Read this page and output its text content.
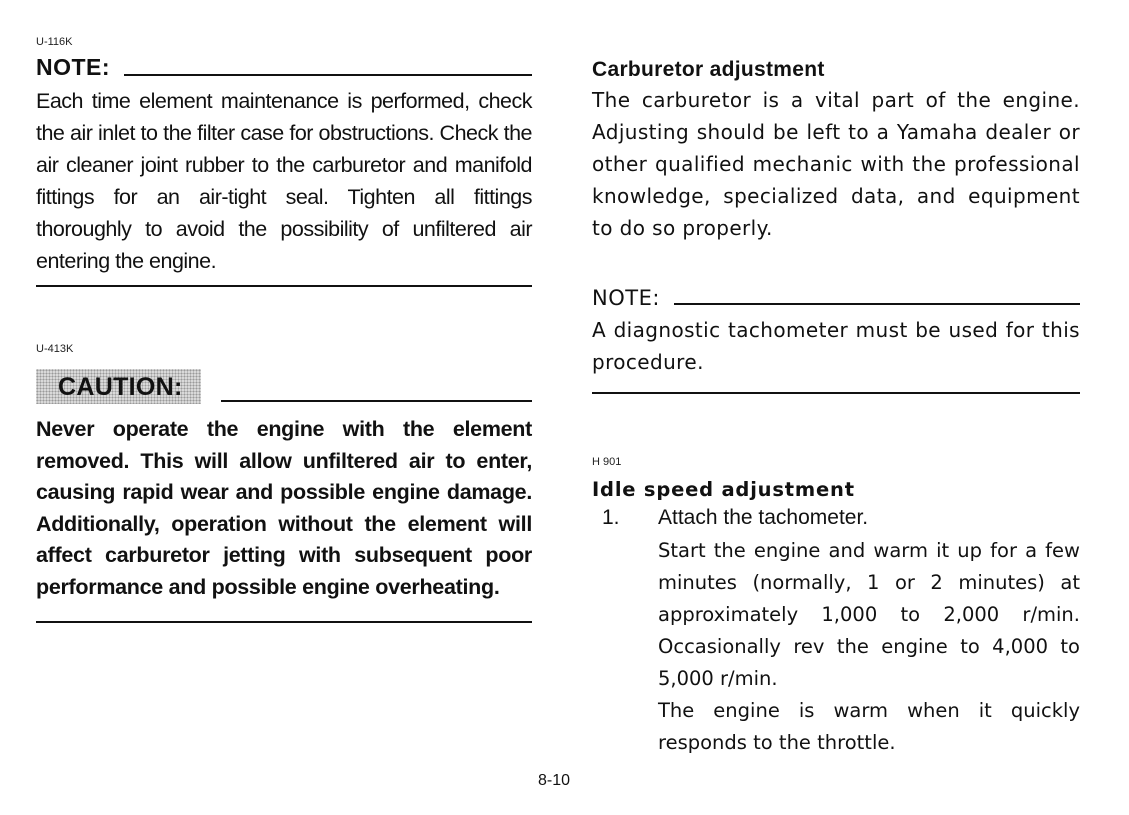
U-116K
NOTE:
Each time element maintenance is performed, check the air inlet to the filter case for obstructions. Check the air cleaner joint rubber to the carburetor and manifold fittings for an air-tight seal. Tighten all fittings thoroughly to avoid the possibility of unfiltered air entering the engine.
U-413K
CAUTION:
Never operate the engine with the element removed. This will allow unfiltered air to enter, causing rapid wear and possible engine damage. Additionally, operation without the element will affect carburetor jetting with subsequent poor performance and possible engine overheating.
Carburetor adjustment
The carburetor is a vital part of the engine. Adjusting should be left to a Yamaha dealer or other qualified mechanic with the professional knowledge, specialized data, and equipment to do so properly.
NOTE:
A diagnostic tachometer must be used for this procedure.
H 901
Idle speed adjustment
1.	Attach the tachometer.
Start the engine and warm it up for a few minutes (normally, 1 or 2 minutes) at approximately 1,000 to 2,000 r/min. Occasionally rev the engine to 4,000 to 5,000 r/min.
The engine is warm when it quickly responds to the throttle.
8-10
